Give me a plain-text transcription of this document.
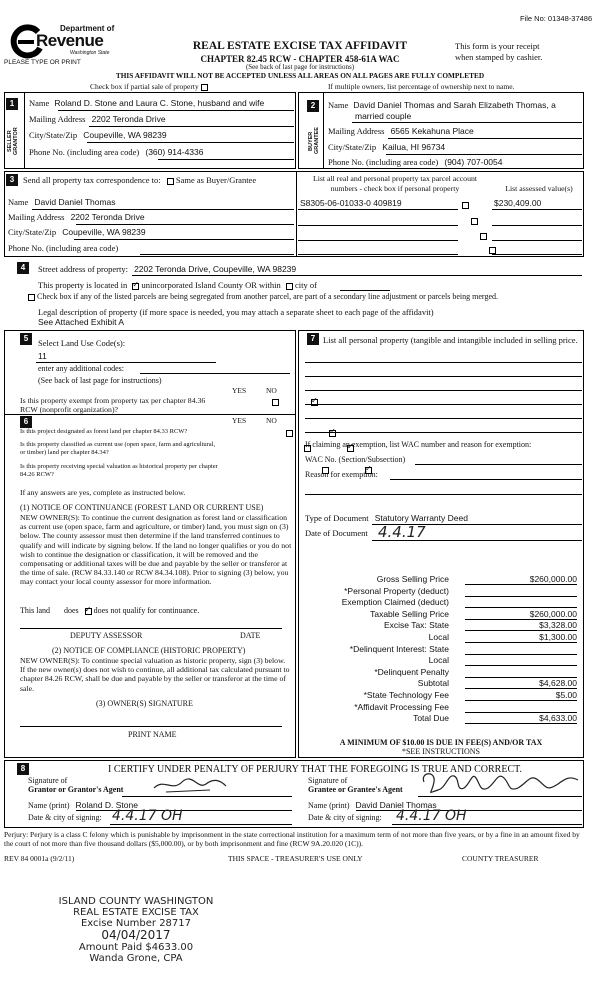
File No: 01348-37486
Department of
Revenue
Washington State
PLEASE TYPE OR PRINT
REAL ESTATE EXCISE TAX AFFIDAVIT
CHAPTER 82.45 RCW - CHAPTER 458-61A WAC
(See back of last page for instructions)
This form is your receipt
when stamped by cashier.
THIS AFFIDAVIT WILL NOT BE ACCEPTED UNLESS ALL AREAS ON ALL PAGES ARE FULLY COMPLETED
Check box if partial sale of property	If multiple owners, list percentage of ownership next to name.
1	2
SELLER GRANTOR	BUYER GRANTEE
Name Roland D. Stone and Laura C. Stone, husband and wife
Mailing Address 2202 Teronda Drive
City/State/Zip Coupeville, WA 98239
Phone No. (including area code) (360) 914-4336
Name David Daniel Thomas and Sarah Elizabeth Thomas, a
married couple
Mailing Address 6565 Kekahuna Place
City/State/Zip Kailua, HI 96734
Phone No. (including area code) (904) 707-0054
3	Send all property tax correspondence to: Same as Buyer/Grantee
Name David Daniel Thomas
Mailing Address 2202 Teronda Drive
City/State/Zip Coupeville, WA 98239
Phone No. (including area code)
List all real and personal property tax parcel account numbers - check box if personal property	List assessed value(s)
S8305-06-01033-0 409819	$230,409.00

4	Street address of property: 2202 Teronda Drive, Coupeville, WA 98239
This property is located in ✓ unincorporated Island County OR within city of
Check box if any of the listed parcels are being segregated from another parcel, are part of a secondary line adjustment or parcels being merged.
Legal description of property (if more space is needed, you may attach a separate sheet to each page of the affidavit)
See Attached Exhibit A
5	Select Land Use Code(s):
11
enter any additional codes:
(See back of last page for instructions)
YES	NO
Is this property exempt from property tax per chapter 84.36 RCW (nonprofit organization)?
✓
6	YES	NO
Is this project designated as forest land per chapter 84.33 RCW?
✓
Is this property classified as current use (open space, farm and agricultural, or timber) land per chapter 84.34?
✓
Is this property receiving special valuation as historical property per chapter 84.26 RCW?
✓
If any answers are yes, complete as instructed below.
(1) NOTICE OF CONTINUANCE (FOREST LAND OR CURRENT USE)
NEW OWNER(S): To continue the current designation as forest land or classification as current use (open space, farm and agriculture, or timber) land, you must sign on (3) below. The county assessor must then determine if the land transferred continues to qualify and will indicate by signing below. If the land no longer qualifies or you do not wish to continue the designation or classification, it will be removed and the compensating or additional taxes will be due and payable by the seller or transferor at the time of sale. (RCW 84.33.140 or RCW 84.34.108). Prior to signing (3) below, you may contact your local county assessor for more information.
This land does ✓ does not qualify for continuance.
DEPUTY ASSESSOR	DATE
(2) NOTICE OF COMPLIANCE (HISTORIC PROPERTY)
NEW OWNER(S): To continue special valuation as historic property, sign (3) below. If the new owner(s) does not wish to continue, all additional tax calculated pursuant to chapter 84.26 RCW, shall be due and payable by the seller or transferor at the time of sale.
(3) OWNER(S) SIGNATURE
PRINT NAME
7 List all personal property (tangible and intangible included in selling price.
If claiming an exemption, list WAC number and reason for exemption:
WAC No. (Section/Subsection)
Reason for exemption:
Type of Document Statutory Warranty Deed
Date of Document 4.4.17
Gross Selling Price	$260,000.00
*Personal Property (deduct)
Exemption Claimed (deduct)
Taxable Selling Price	$260,000.00
Excise Tax: State	$3,328.00
Local	$1,300.00
*Delinquent Interest: State
Local
*Delinquent Penalty
Subtotal	$4,628.00
*State Technology Fee	$5.00
*Affidavit Processing Fee
Total Due	$4,633.00
A MINIMUM OF $10.00 IS DUE IN FEE(S) AND/OR TAX
*SEE INSTRUCTIONS
8	I CERTIFY UNDER PENALTY OF PERJURY THAT THE FOREGOING IS TRUE AND CORRECT.
Signature of
Grantor or Grantor's Agent
Name (print) Roland D. Stone
Date & city of signing: 4.4.17 OH
Signature of
Grantee or Grantee's Agent
Name (print) David Daniel Thomas
Date & city of signing: 4.4.17 OH
Perjury: Perjury is a class C felony which is punishable by imprisonment in the state correctional institution for a maximum term of not more than five years, or by a fine in an amount fixed by the court of not more than five thousand dollars ($5,000.00), or by both imprisonment and fine (RCW 9A.20.020 (1C)).
REV 84 0001a (9/2/11)	THIS SPACE - TREASURER'S USE ONLY	COUNTY TREASURER
ISLAND COUNTY WASHINGTON
REAL ESTATE EXCISE TAX
Excise Number 28717
04/04/2017
Amount Paid $4633.00
Wanda Grone, CPA
